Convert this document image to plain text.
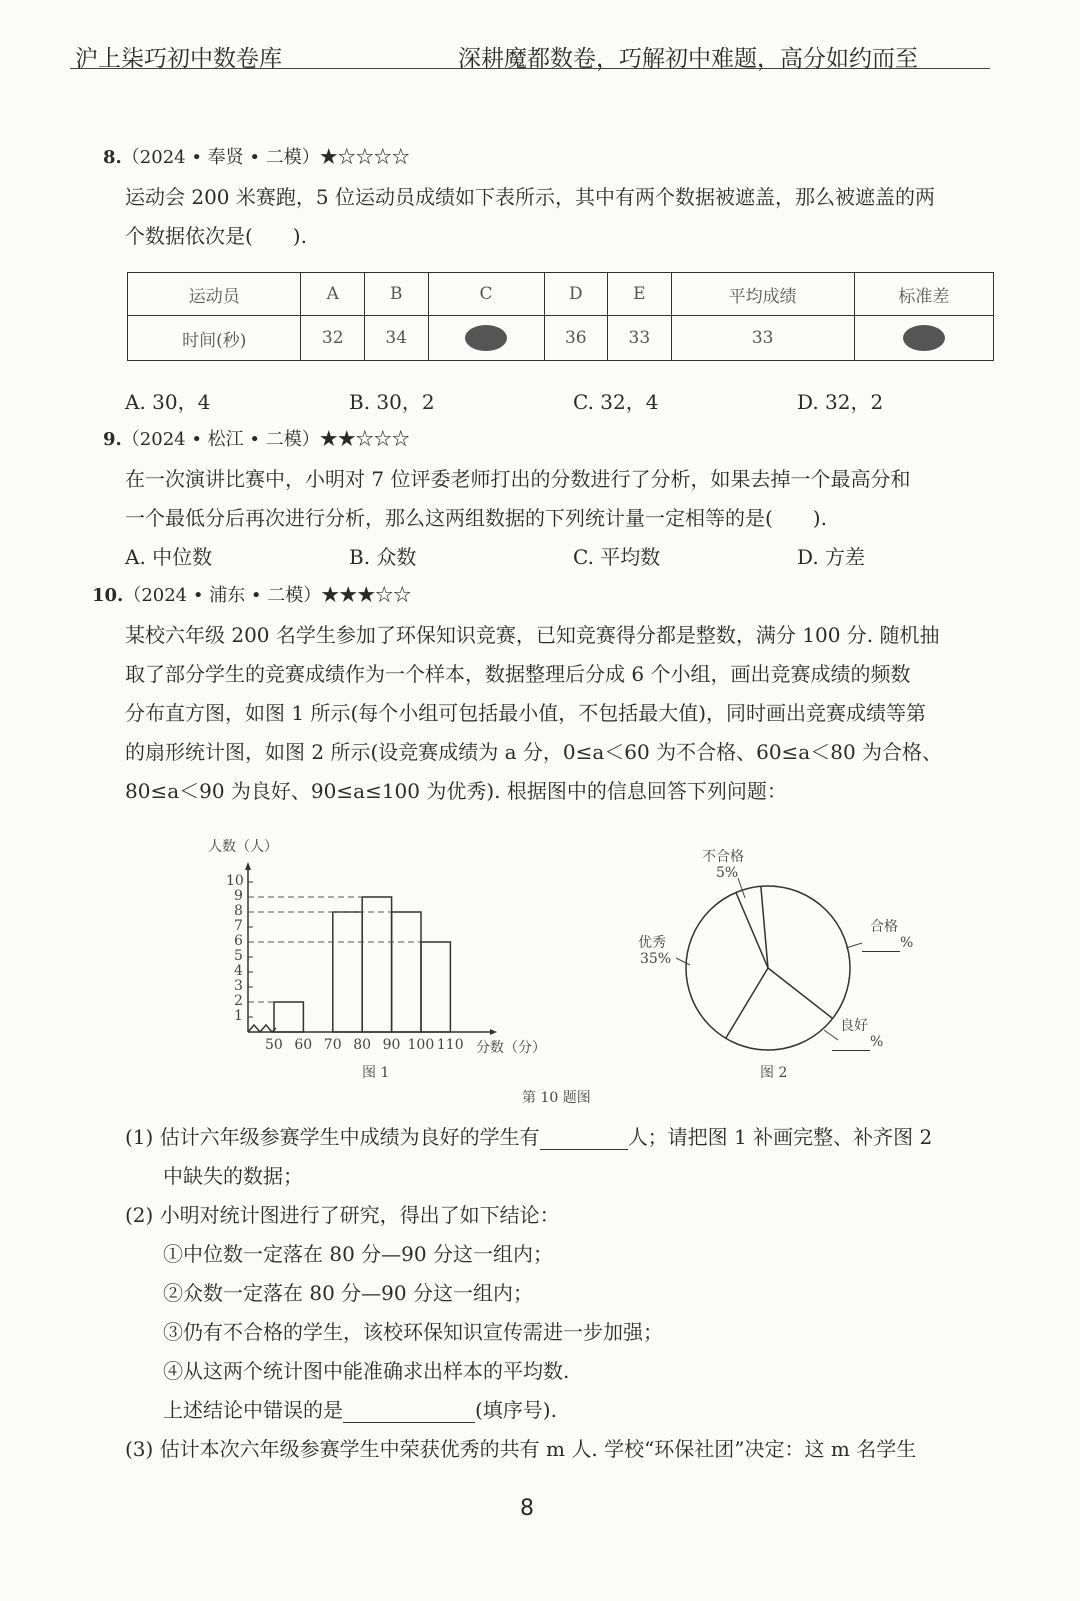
沪上柒巧初中数卷库	深耕魔都数卷，巧解初中难题，高分如约而至
8.（2024 • 奉贤 • 二模）★☆☆☆☆
运动会 200 米赛跑，5 位运动员成绩如下表所示，其中有两个数据被遮盖，那么被遮盖的两
个数据依次是(　　).
运动员	A	B	C	D	E	平均成绩	标准差
时间(秒)	32	34		36	33	33	
A. 30，4	B. 30，2	C. 32，4	D. 32，2
9.（2024 • 松江 • 二模）★★☆☆☆
在一次演讲比赛中，小明对 7 位评委老师打出的分数进行了分析，如果去掉一个最高分和
一个最低分后再次进行分析，那么这两组数据的下列统计量一定相等的是(　　).
A. 中位数	B. 众数	C. 平均数	D. 方差
10.（2024 • 浦东 • 二模）★★★☆☆
某校六年级 200 名学生参加了环保知识竞赛，已知竞赛得分都是整数，满分 100 分. 随机抽
取了部分学生的竞赛成绩作为一个样本，数据整理后分成 6 个小组，画出竞赛成绩的频数
分布直方图，如图 1 所示(每个小组可包括最小值，不包括最大值)，同时画出竞赛成绩等第
的扇形统计图，如图 2 所示(设竞赛成绩为 a 分，0≤a＜60 为不合格、60≤a＜80 为合格、
80≤a＜90 为良好、90≤a≤100 为优秀). 根据图中的信息回答下列问题：
人数（人）
分数（分）
图 1
1
2
3
4
5
6
7
8
9
10
50 60 70 80 90 100 110
不合格
5%
合格
%
良好
%
优秀
35%
图 2
第 10 题图
(1) 估计六年级参赛学生中成绩为良好的学生有	人；请把图 1 补画完整、补齐图 2
中缺失的数据；
(2) 小明对统计图进行了研究，得出了如下结论：
①中位数一定落在 80 分—90 分这一组内；
②众数一定落在 80 分—90 分这一组内；
③仍有不合格的学生，该校环保知识宣传需进一步加强；
④从这两个统计图中能准确求出样本的平均数.
上述结论中错误的是	(填序号).
(3) 估计本次六年级参赛学生中荣获优秀的共有 m 人. 学校“环保社团”决定：这 m 名学生
8
